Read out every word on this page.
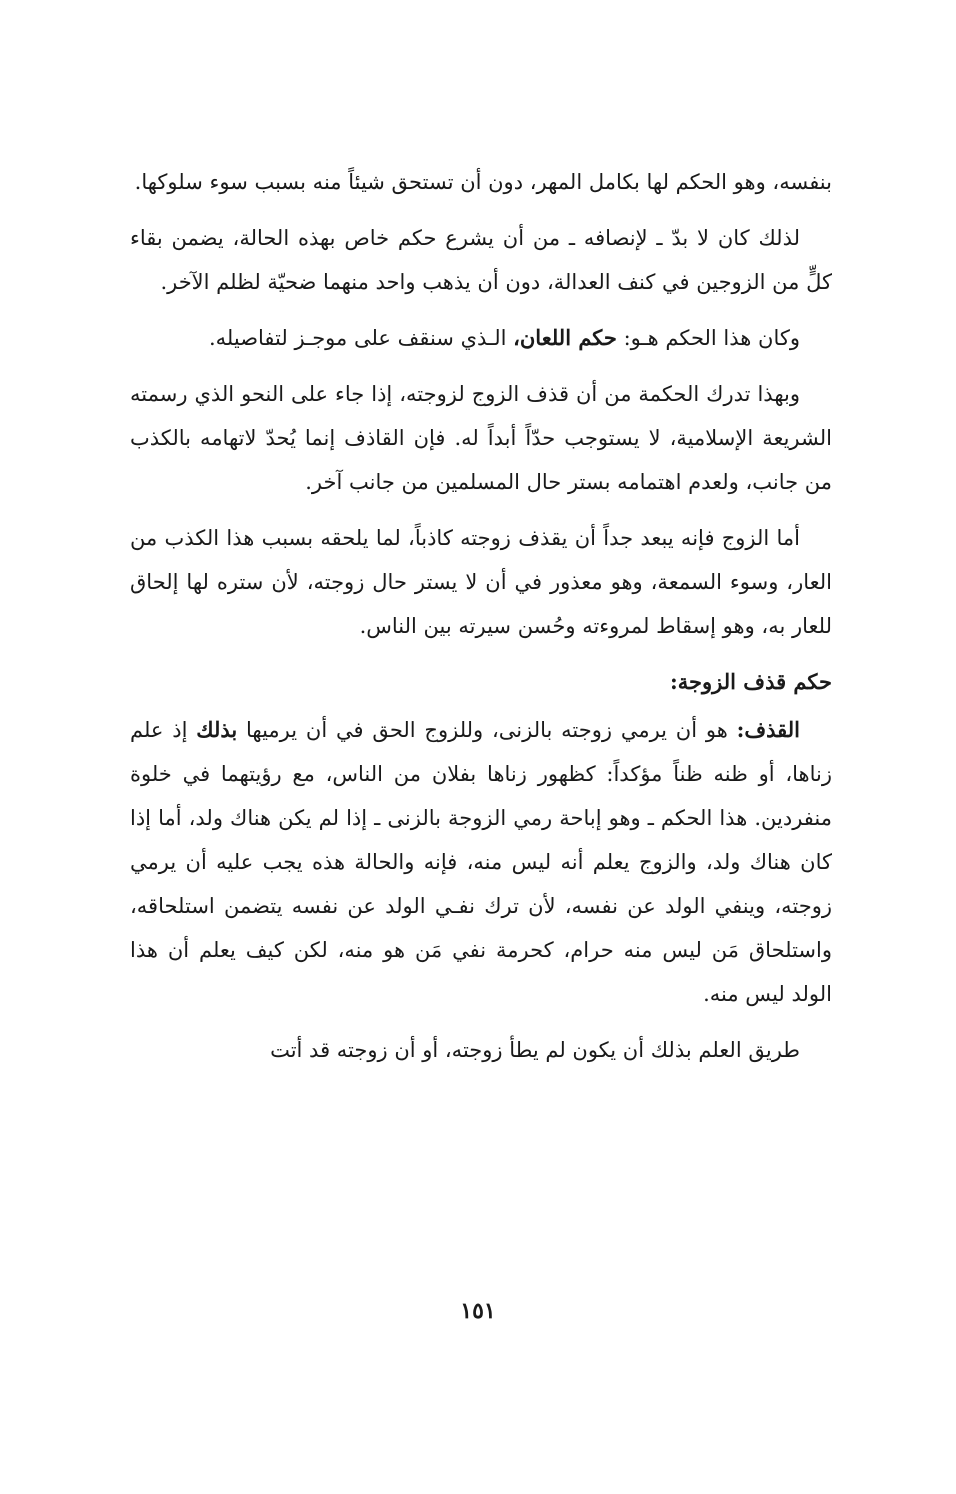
بنفسه، وهو الحكم لها بكامل المهر، دون أن تستحق شيئاً منه بسبب سوء سلوكها.

لذلك كان لا بدّ ـ لإنصافه ـ من أن يشرع حكم خاص بهذه الحالة، يضمن بقاء كلٍّ من الزوجين في كنف العدالة، دون أن يذهب واحد منهما ضحيّة لظلم الآخر.

وكان هذا الحكم هـو: حكم اللعان، الـذي سنقف على موجـز لتفاصيله.

وبهذا تدرك الحكمة من أن قذف الزوج لزوجته، إذا جاء على النحو الذي رسمته الشريعة الإسلامية، لا يستوجب حدّاً أبداً له. فإن القاذف إنما يُحدّ لاتهامه بالكذب من جانب، ولعدم اهتمامه بستر حال المسلمين من جانب آخر.

أما الزوج فإنه يبعد جداً أن يقذف زوجته كاذباً، لما يلحقه بسبب هذا الكذب من العار، وسوء السمعة، وهو معذور في أن لا يستر حال زوجته، لأن ستره لها إلحاق للعار به، وهو إسقاط لمروءته وحُسن سيرته بين الناس.

حكم قذف الزوجة:

القذف: هو أن يرمي زوجته بالزنى، وللزوج الحق في أن يرميها بذلك إذ علم زناها، أو ظنه ظناً مؤكداً: كظهور زناها بفلان من الناس، مع رؤيتهما في خلوة منفردين. هذا الحكم ـ وهو إباحة رمي الزوجة بالزنى ـ إذا لم يكن هناك ولد، أما إذا كان هناك ولد، والزوج يعلم أنه ليس منه، فإنه والحالة هذه يجب عليه أن يرمي زوجته، وينفي الولد عن نفسه، لأن ترك نفـي الولد عن نفسه يتضمن استلحاقه، واستلحاق مَن ليس منه حرام، كحرمة نفي مَن هو منه، لكن كيف يعلم أن هذا الولد ليس منه.

طريق العلم بذلك أن يكون لم يطأ زوجته، أو أن زوجته قد أتت

١٥١
